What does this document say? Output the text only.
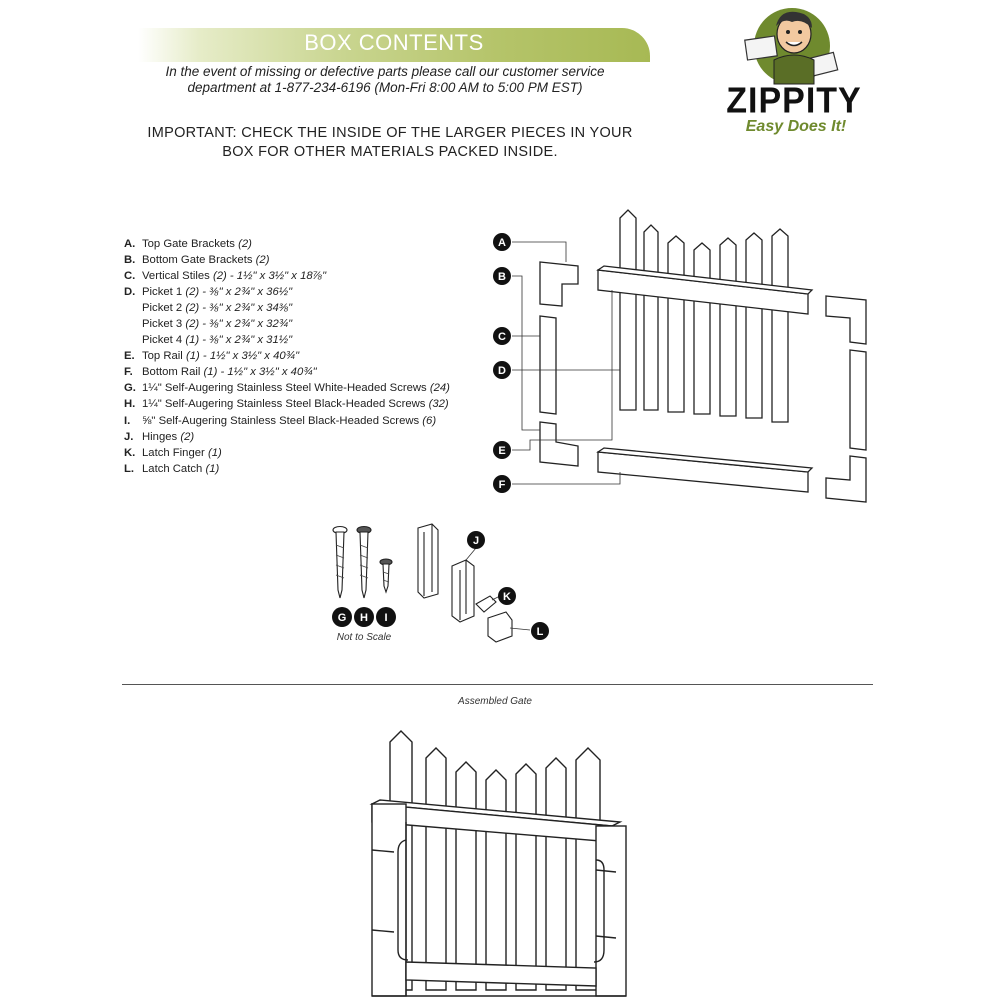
BOX CONTENTS
In the event of missing or defective parts please call our customer service
department at 1-877-234-6196 (Mon-Fri 8:00 AM to 5:00 PM EST)
IMPORTANT: CHECK THE INSIDE OF THE LARGER PIECES IN YOUR
BOX FOR OTHER MATERIALS PACKED INSIDE.
ZIPPITY
Easy Does It!
A. Top Gate Brackets (2)
B. Bottom Gate Brackets (2)
C. Vertical Stiles (2) - 1½" x 3½" x 18⅞"
D. Picket 1 (2) - ⅜" x 2¾" x 36½"
Picket 2 (2) - ⅜" x 2¾" x 34⅜"
Picket 3 (2) - ⅜" x 2¾" x 32¾"
Picket 4 (1) - ⅜" x 2¾" x 31½"
E. Top Rail (1) - 1½" x 3½" x 40¾"
F. Bottom Rail (1) - 1½" x 3½" x 40¾"
G. 1¼" Self-Augering Stainless Steel White-Headed Screws (24)
H. 1¼" Self-Augering Stainless Steel Black-Headed Screws (32)
I. ⅝" Self-Augering Stainless Steel Black-Headed Screws (6)
J. Hinges (2)
K. Latch Finger (1)
L. Latch Catch (1)
A
B
C
D
E
F
G H I
J
K
L
Not to Scale
Assembled Gate
